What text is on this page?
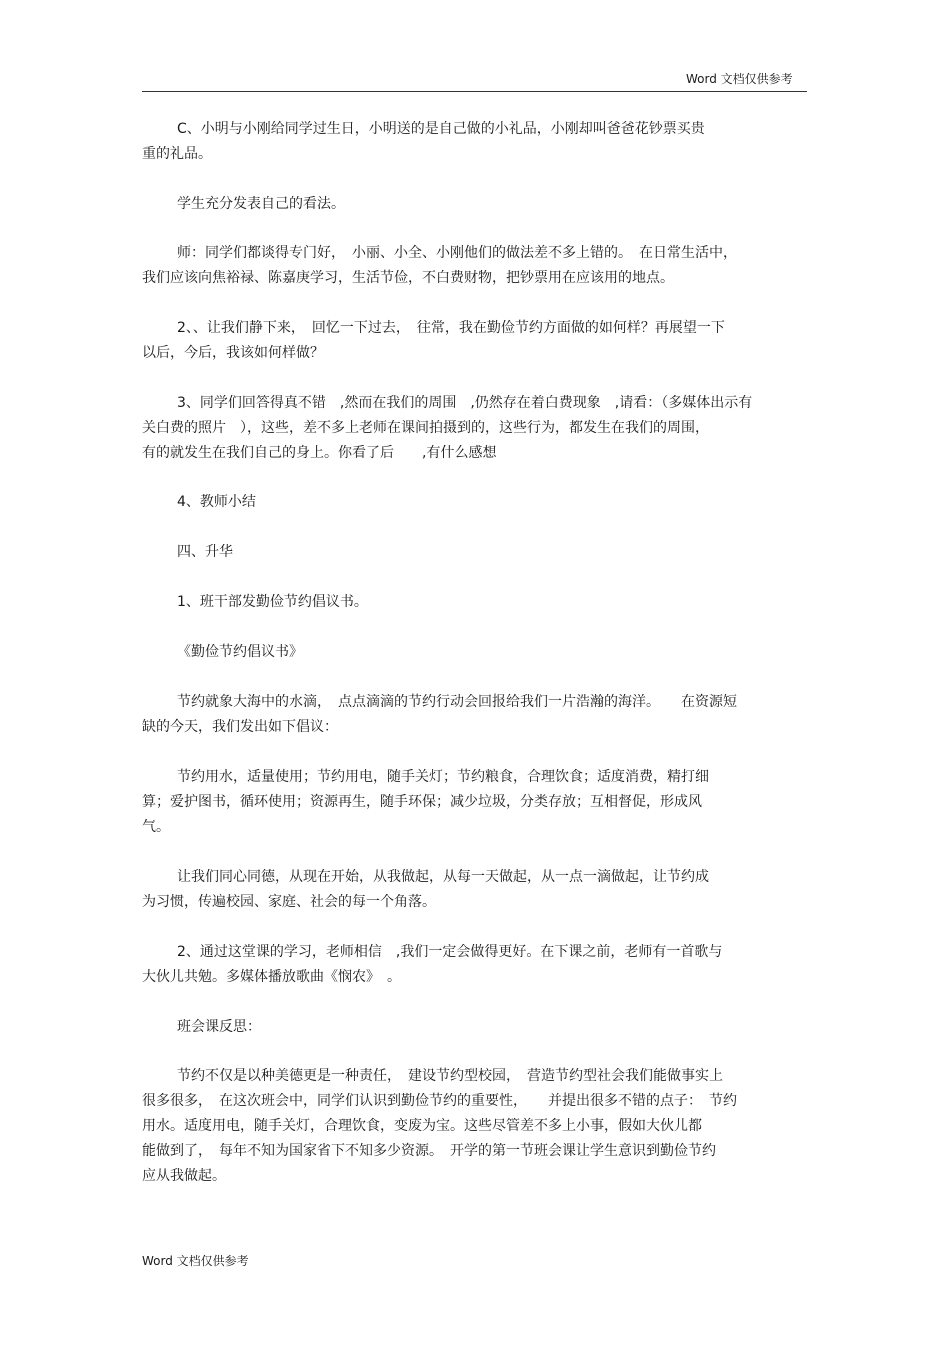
Word 文档仅供参考
C、小明与小刚给同学过生日，小明送的是自己做的小礼品，小刚却叫爸爸花钞票买贵
重的礼品。
学生充分发表自己的看法。
师：同学们都谈得专门好，　小丽、小全、小刚他们的做法差不多上错的。　在日常生活中，
我们应该向焦裕禄、陈嘉庚学习，生活节俭，不白费财物，把钞票用在应该用的地点。
2、、让我们静下来，　回忆一下过去，　往常，我在勤俭节约方面做的如何样？再展望一下
以后，今后，我该如何样做？
3、同学们回答得真不错　,然而在我们的周围　,仍然存在着白费现象　,请看：（多媒体出示有
关白费的照片　），这些，差不多上老师在课间拍摄到的，这些行为，都发生在我们的周围，
有的就发生在我们自己的身上。你看了后　　,有什么感想
4、教师小结
四、升华
1、班干部发勤俭节约倡议书。
《勤俭节约倡议书》
节约就象大海中的水滴，　点点滴滴的节约行动会回报给我们一片浩瀚的海洋。　　在资源短
缺的今天，我们发出如下倡议：
节约用水，适量使用；节约用电，随手关灯；节约粮食，合理饮食；适度消费，精打细
算；爱护图书，循环使用；资源再生，随手环保；减少垃圾，分类存放；互相督促，形成风
气。
让我们同心同德，从现在开始，从我做起，从每一天做起，从一点一滴做起，让节约成
为习惯，传遍校园、家庭、社会的每一个角落。
2、通过这堂课的学习，老师相信　,我们一定会做得更好。在下课之前，老师有一首歌与
大伙儿共勉。多媒体播放歌曲《悯农》　。
班会课反思：
节约不仅是以种美德更是一种责任，　建设节约型校园，　营造节约型社会我们能做事实上
很多很多，　在这次班会中，同学们认识到勤俭节约的重要性，　　并提出很多不错的点子：　节约
用水。适度用电，随手关灯，合理饮食，变废为宝。这些尽管差不多上小事，假如大伙儿都
能做到了，　每年不知为国家省下不知多少资源。　开学的第一节班会课让学生意识到勤俭节约
应从我做起。
Word 文档仅供参考
